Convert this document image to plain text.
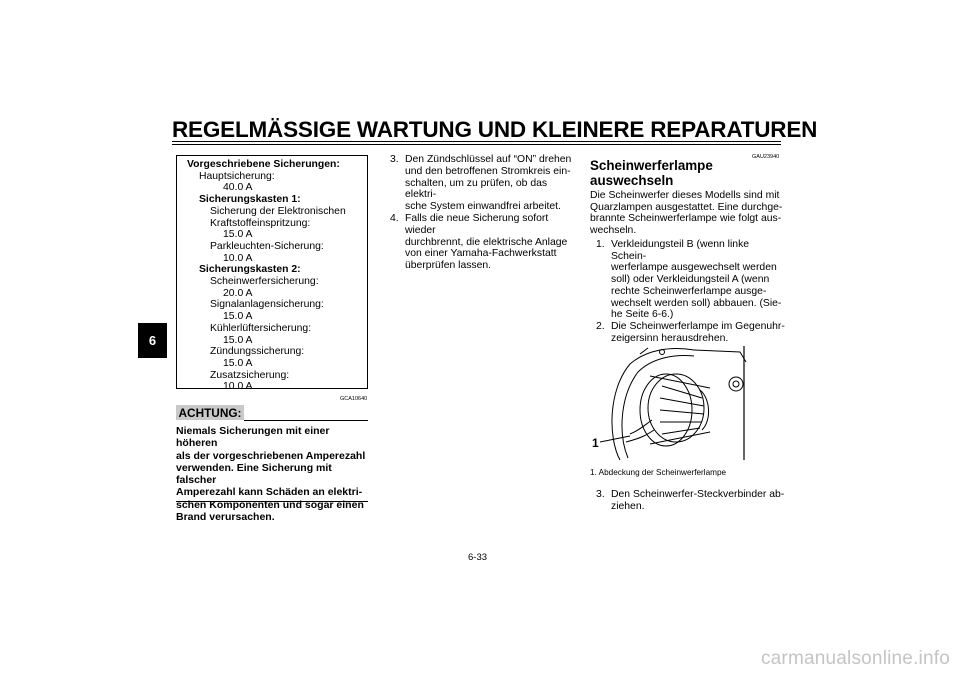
REGELMÄSSIGE WARTUNG UND KLEINERE REPARATUREN
6
Vorgeschriebene Sicherungen:
Hauptsicherung:
40.0 A
Sicherungskasten 1:
Sicherung der Elektronischen
Kraftstoffeinspritzung:
15.0 A
Parkleuchten-Sicherung:
10.0 A
Sicherungskasten 2:
Scheinwerfersicherung:
20.0 A
Signalanlagensicherung:
15.0 A
Kühlerlüftersicherung:
15.0 A
Zündungssicherung:
15.0 A
Zusatzsicherung:
10.0 A
GCA10640
ACHTUNG:
Niemals Sicherungen mit einer höheren
als der vorgeschriebenen Amperezahl
verwenden. Eine Sicherung mit falscher
Amperezahl kann Schäden an elektri-
schen Komponenten und sogar einen
Brand verursachen.
3. Den Zündschlüssel auf “ON” drehen
und den betroffenen Stromkreis ein-
schalten, um zu prüfen, ob das elektri-
sche System einwandfrei arbeitet.
4. Falls die neue Sicherung sofort wieder
durchbrennt, die elektrische Anlage
von einer Yamaha-Fachwerkstatt
überprüfen lassen.
GAU23940
Scheinwerferlampe
auswechseln
Die Scheinwerfer dieses Modells sind mit
Quarzlampen ausgestattet. Eine durchge-
brannte Scheinwerferlampe wie folgt aus-
wechseln.
1. Verkleidungsteil B (wenn linke Schein-
werferlampe ausgewechselt werden
soll) oder Verkleidungsteil A (wenn
rechte Scheinwerferlampe ausge-
wechselt werden soll) abbauen. (Sie-
he Seite 6-6.)
2. Die Scheinwerferlampe im Gegenuhr-
zeigersinn herausdrehen.
1
1. Abdeckung der Scheinwerferlampe
3. Den Scheinwerfer-Steckverbinder ab-
ziehen.
6-33
carmanualsonline.info
